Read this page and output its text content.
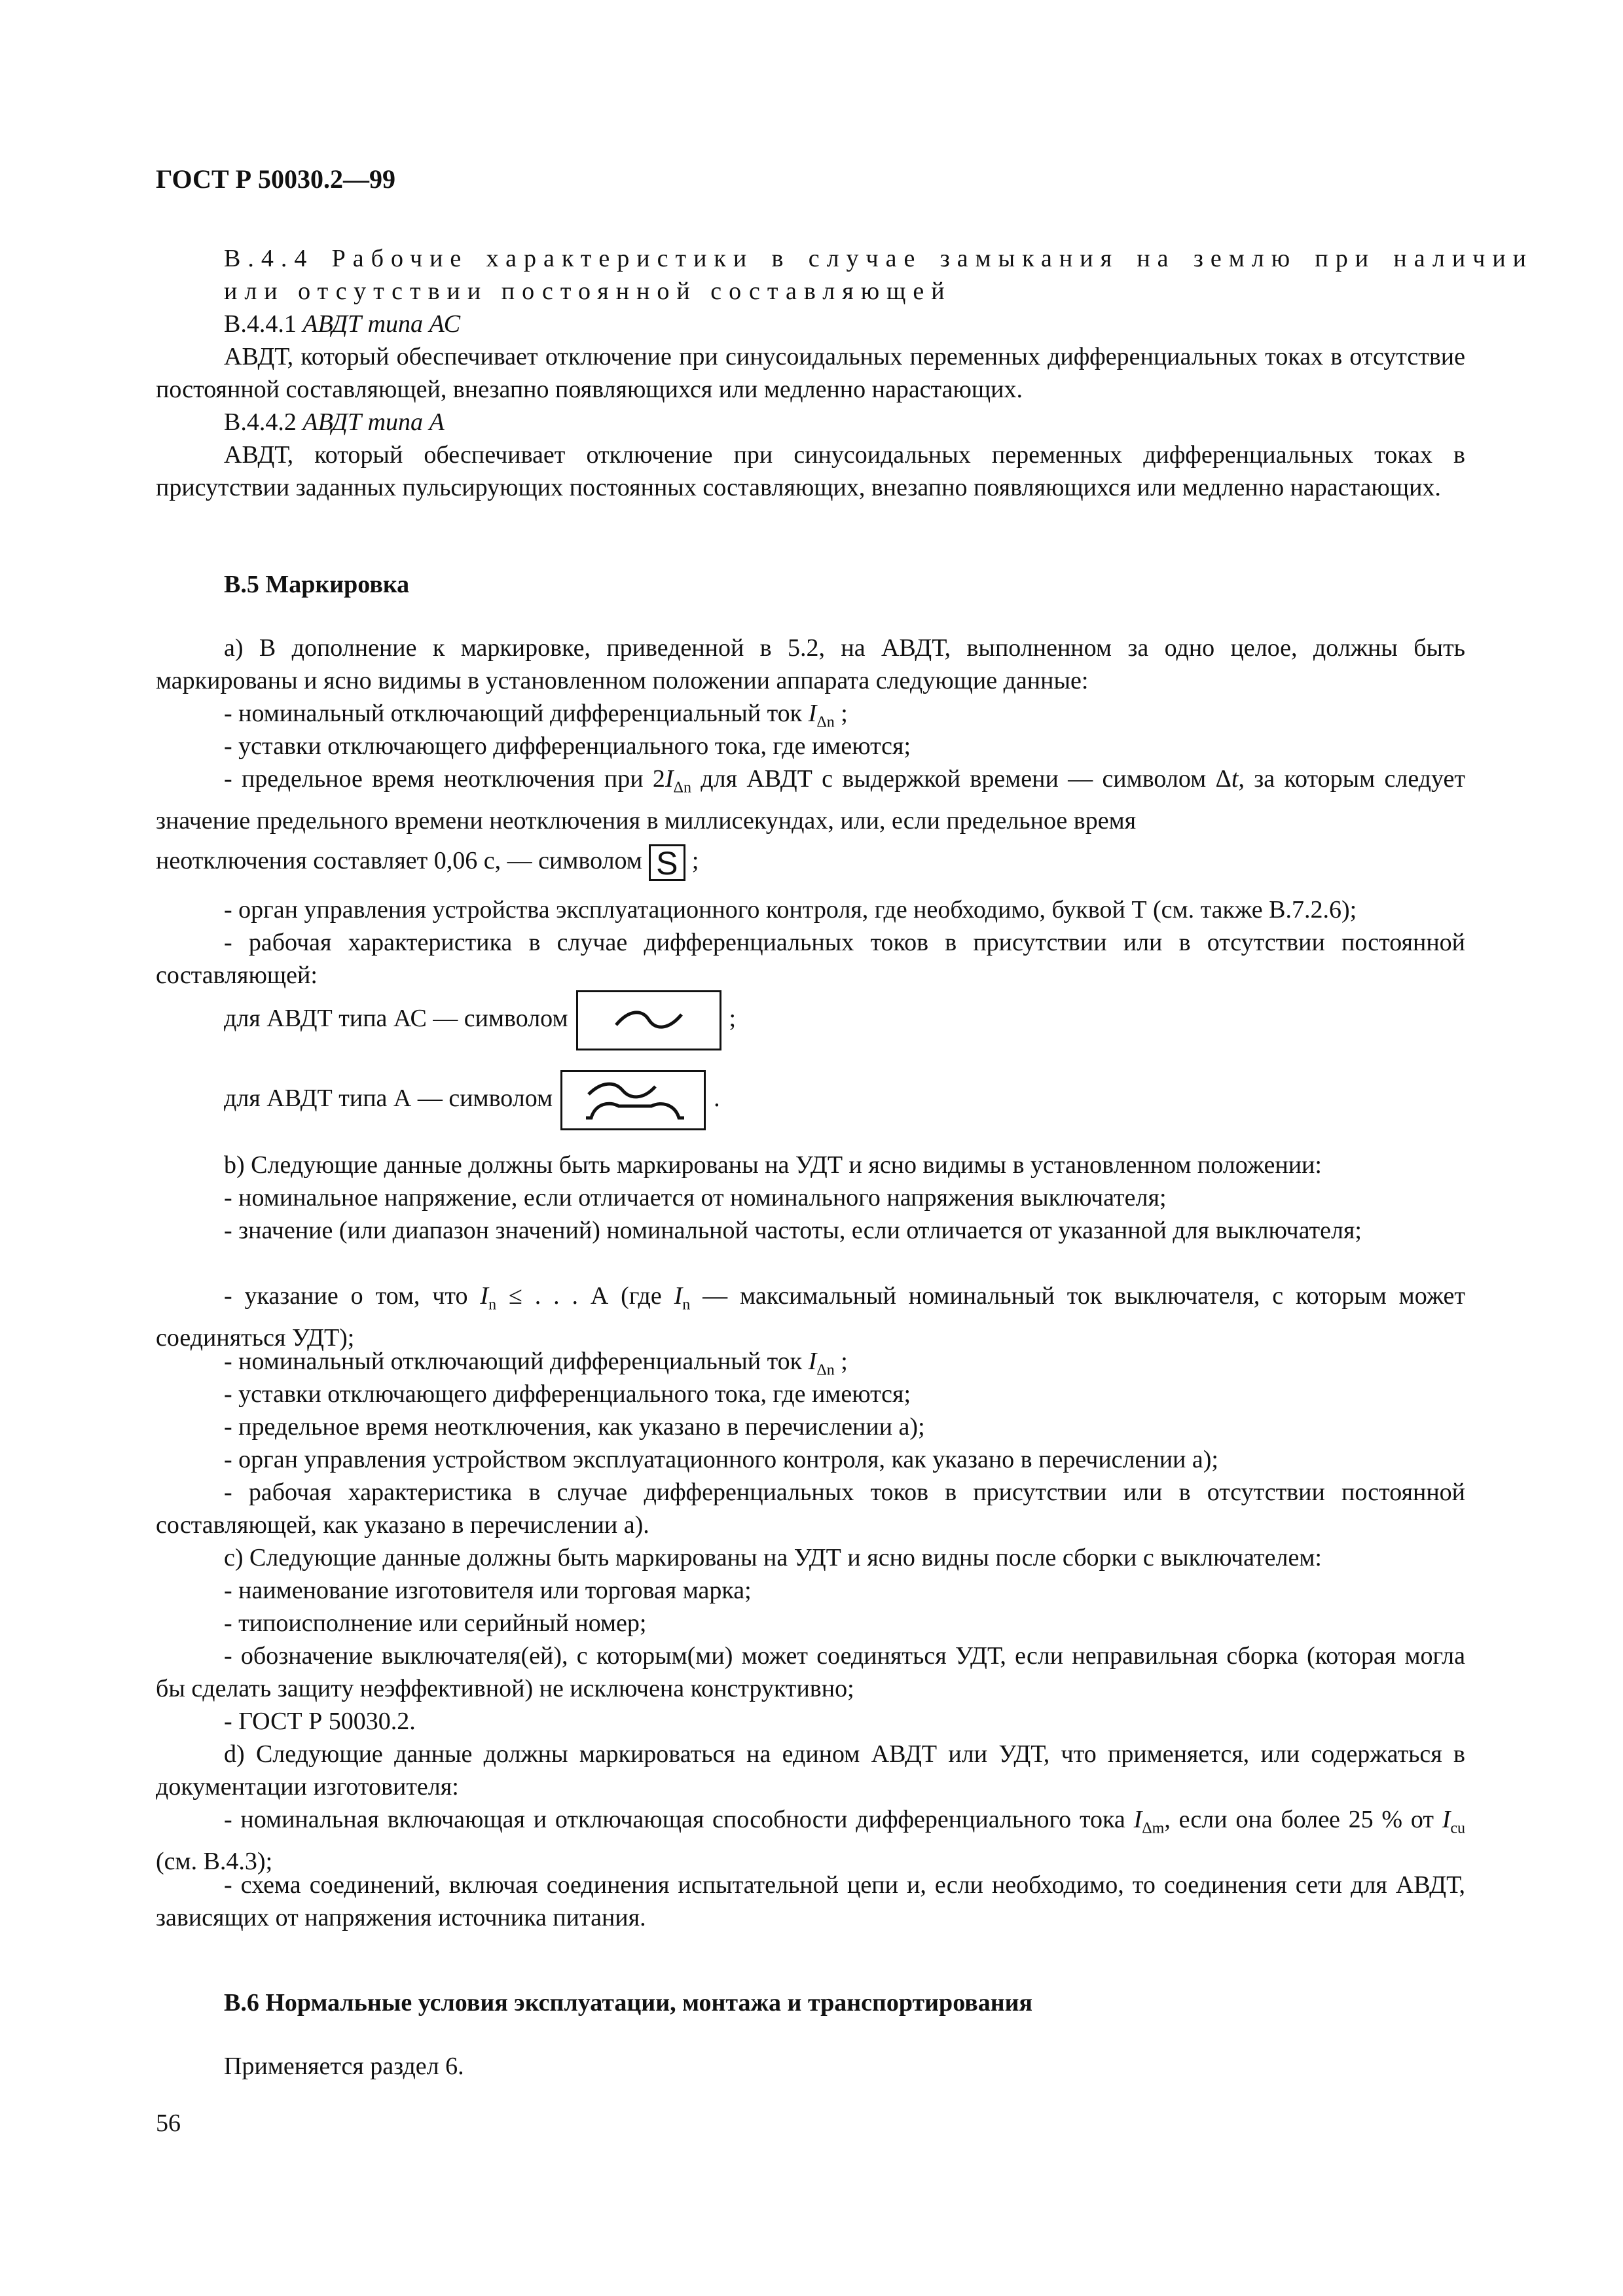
ГОСТ Р 50030.2—99
В.4.4 Рабочие характеристики в случае замыкания на землю при наличии или отсутствии постоянной составляющей
В.4.4.1 АВДТ типа АС
АВДТ, который обеспечивает отключение при синусоидальных переменных дифференциальных токах в отсутствие постоянной составляющей, внезапно появляющихся или медленно нарастающих.
В.4.4.2 АВДТ типа А
АВДТ, который обеспечивает отключение при синусоидальных переменных дифференциальных токах в присутствии заданных пульсирующих постоянных составляющих, внезапно появляющихся или медленно нарастающих.
В.5 Маркировка
а) В дополнение к маркировке, приведенной в 5.2, на АВДТ, выполненном за одно целое, должны быть маркированы и ясно видимы в установленном положении аппарата следующие данные:
- номинальный отключающий дифференциальный ток $I_{\Delta n}$ ;
- уставки отключающего дифференциального тока, где имеются;
- предельное время неотключения при $2I_{\Delta n}$ для АВДТ с выдержкой времени — символом Δt, за которым следует значение предельного времени неотключения в миллисекундах, или, если предельное время
неотключения составляет 0,06 с, — символом S ;
- орган управления устройства эксплуатационного контроля, где необходимо, буквой Т (см. также В.7.2.6);
- рабочая характеристика в случае дифференциальных токов в присутствии или в отсутствии постоянной составляющей:
для АВДТ типа АС — символом	;
для АВДТ типа А — символом	.
b) Следующие данные должны быть маркированы на УДТ и ясно видимы в установленном положении:
- номинальное напряжение, если отличается от номинального напряжения выключателя;
- значение (или диапазон значений) номинальной частоты, если отличается от указанной для выключателя;
- указание о том, что $I_n$ ≤ . . . А (где $I_n$ — максимальный номинальный ток выключателя, с которым может соединяться УДТ);
- номинальный отключающий дифференциальный ток $I_{\Delta n}$ ;
- уставки отключающего дифференциального тока, где имеются;
- предельное время неотключения, как указано в перечислении а);
- орган управления устройством эксплуатационного контроля, как указано в перечислении а);
- рабочая характеристика в случае дифференциальных токов в присутствии или в отсутствии постоянной составляющей, как указано в перечислении а).
с) Следующие данные должны быть маркированы на УДТ и ясно видны после сборки с выключателем:
- наименование изготовителя или торговая марка;
- типоисполнение или серийный номер;
- обозначение выключателя(ей), с которым(ми) может соединяться УДТ, если неправильная сборка (которая могла бы сделать защиту неэффективной) не исключена конструктивно;
- ГОСТ Р 50030.2.
d) Следующие данные должны маркироваться на едином АВДТ или УДТ, что применяется, или содержаться в документации изготовителя:
- номинальная включающая и отключающая способности дифференциального тока $I_{\Delta m}$, если она более 25 % от $I_{cu}$ (см. В.4.3);
- схема соединений, включая соединения испытательной цепи и, если необходимо, то соединения сети для АВДТ, зависящих от напряжения источника питания.
В.6 Нормальные условия эксплуатации, монтажа и транспортирования
Применяется раздел 6.
56
